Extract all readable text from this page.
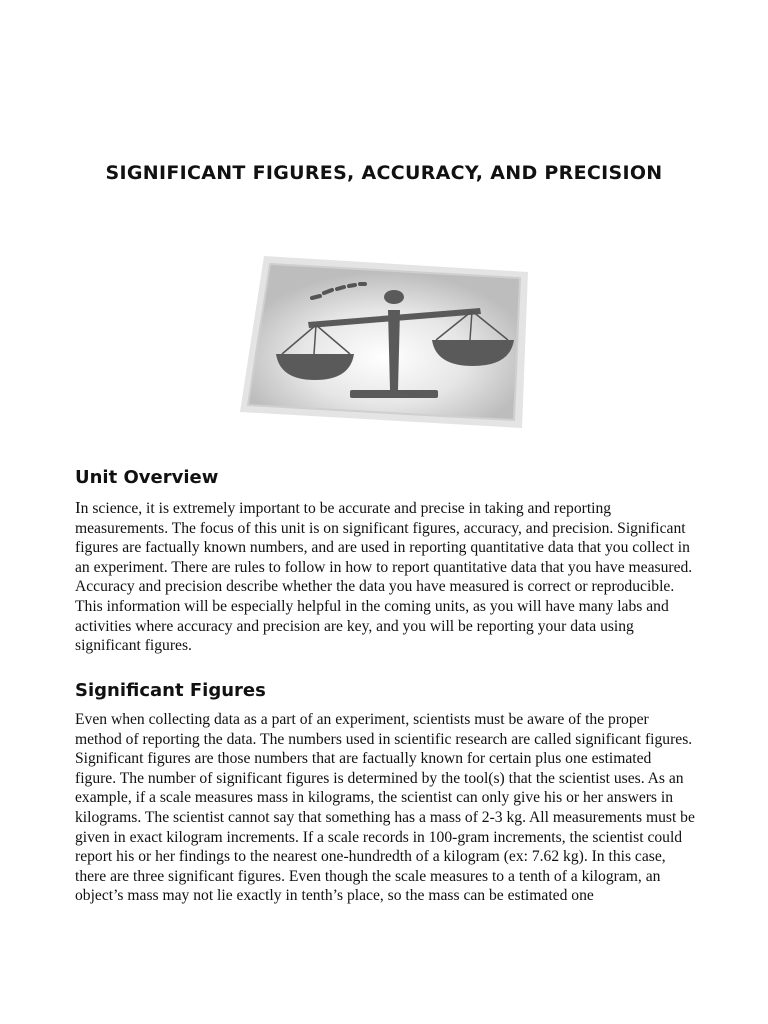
SIGNIFICANT FIGURES, ACCURACY, AND PRECISION
Unit Overview

In science, it is extremely important to be accurate and precise in taking and reporting measurements. The focus of this unit is on significant figures, accuracy, and precision. Significant figures are factually known numbers, and are used in reporting quantitative data that you collect in an experiment. There are rules to follow in how to report quantitative data that you have measured. Accuracy and precision describe whether the data you have measured is correct or reproducible. This information will be especially helpful in the coming units, as you will have many labs and activities where accuracy and precision are key, and you will be reporting your data using significant figures.

Significant Figures

Even when collecting data as a part of an experiment, scientists must be aware of the proper method of reporting the data. The numbers used in scientific research are called significant figures. Significant figures are those numbers that are factually known for certain plus one estimated figure. The number of significant figures is determined by the tool(s) that the scientist uses. As an example, if a scale measures mass in kilograms, the scientist can only give his or her answers in kilograms. The scientist cannot say that something has a mass of 2-3 kg. All measurements must be given in exact kilogram increments. If a scale records in 100-gram increments, the scientist could report his or her findings to the nearest one-hundredth of a kilogram (ex: 7.62 kg). In this case, there are three significant figures. Even though the scale measures to a tenth of a kilogram, an object’s mass may not lie exactly in tenth’s place, so the mass can be estimated one
